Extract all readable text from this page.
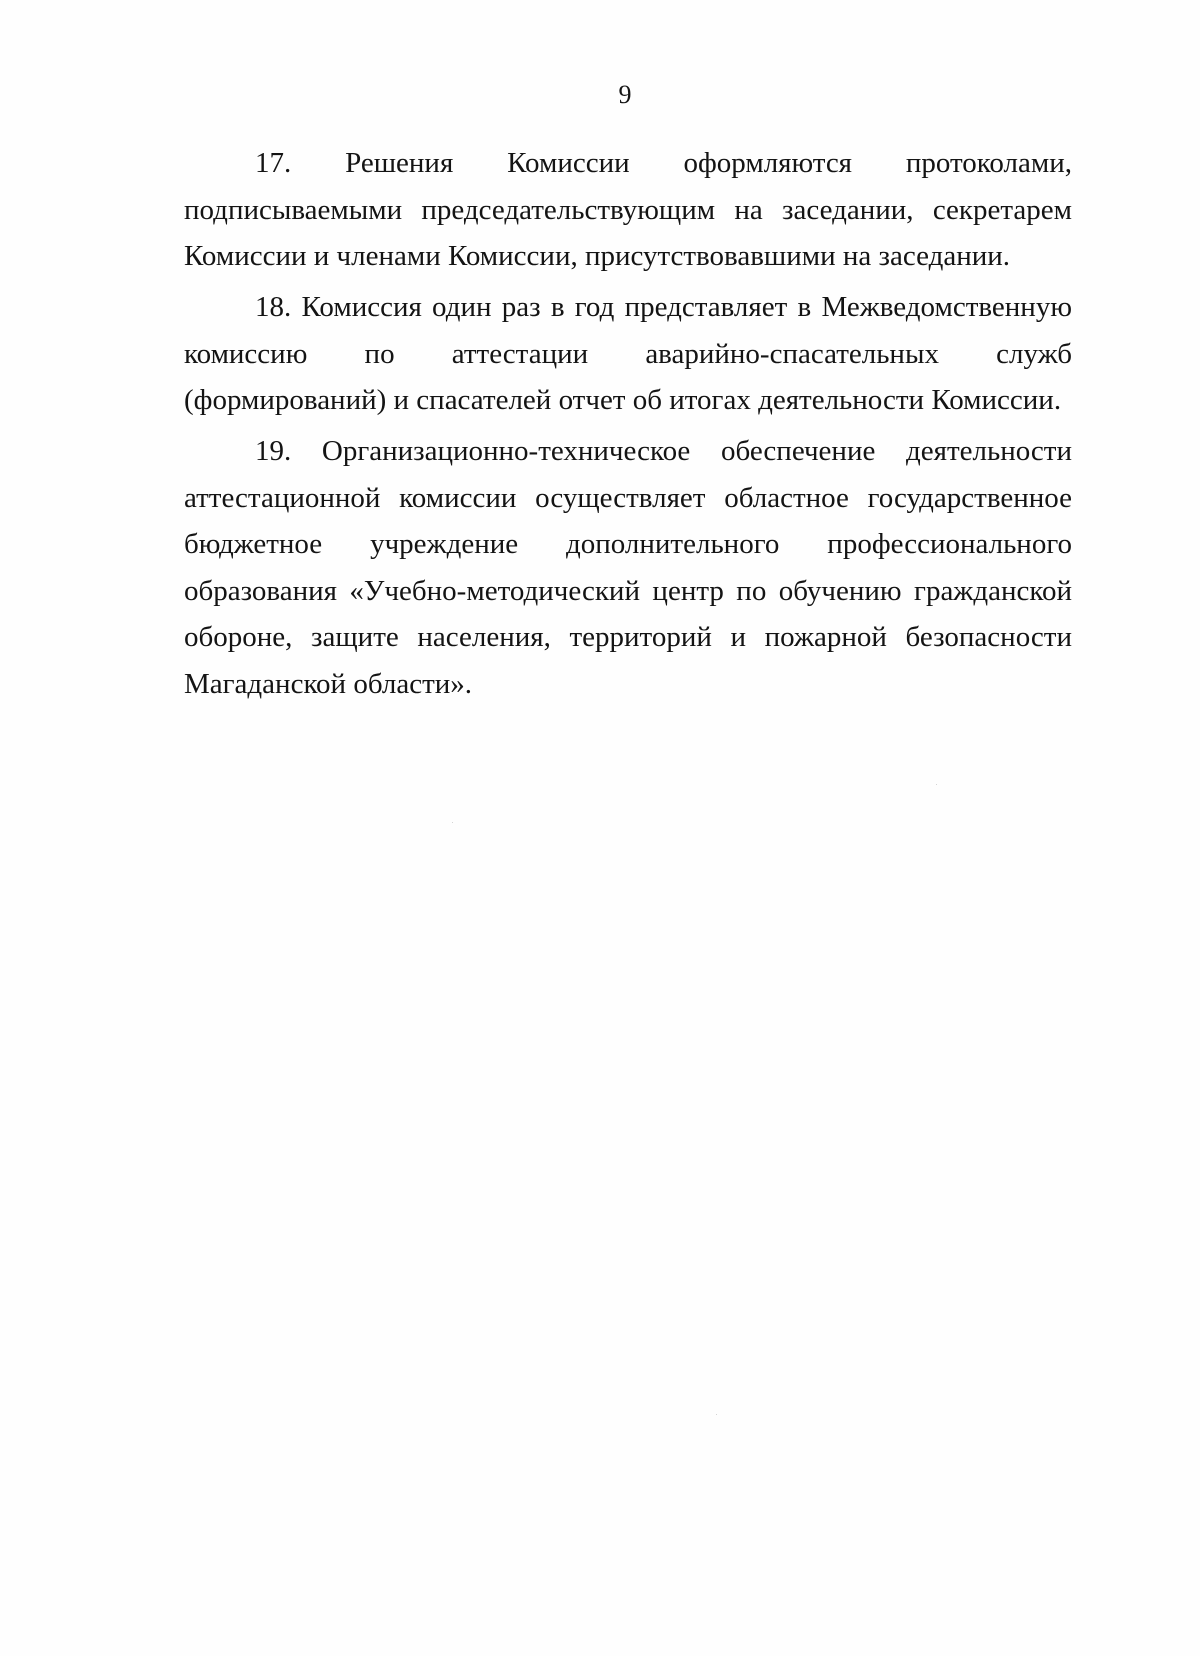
9

17. Решения Комиссии оформляются протоколами, подписываемыми председательствующим на заседании, секретарем Комиссии и членами Комиссии, присутствовавшими на заседании.

18. Комиссия один раз в год представляет в Межведомственную комиссию по аттестации аварийно-спасательных служб (формирований) и спасателей отчет об итогах деятельности Комиссии.

19. Организационно-техническое обеспечение деятельности аттестационной комиссии осуществляет областное государственное бюджетное учреждение дополнительного профессионального образования «Учебно-методический центр по обучению гражданской обороне, защите населения, территорий и пожарной безопасности Магаданской области».
